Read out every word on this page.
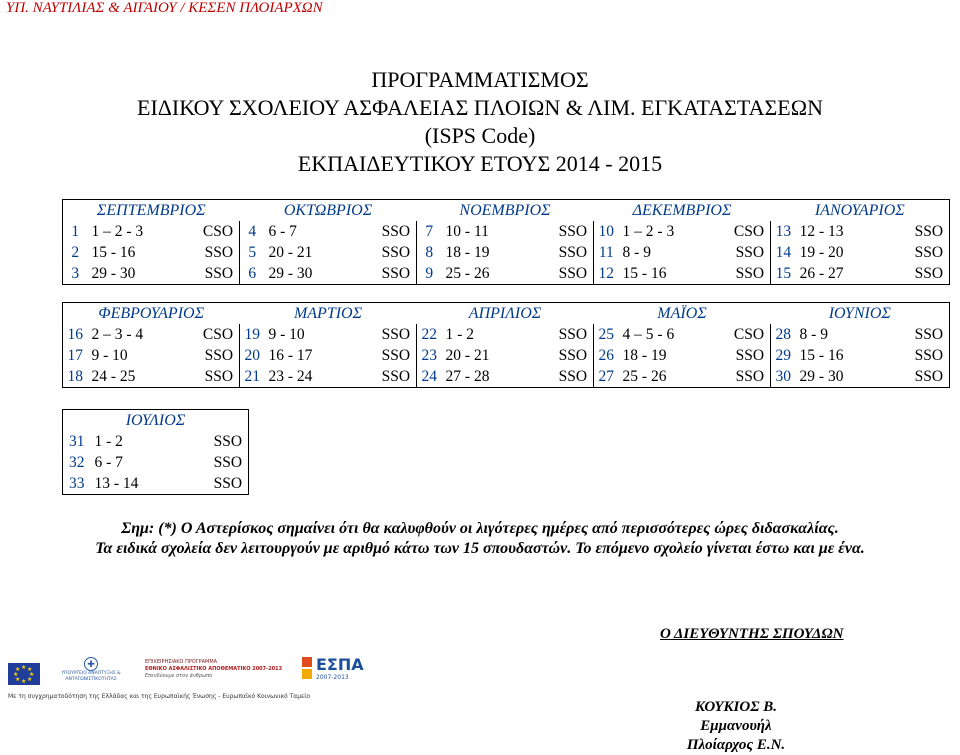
ΥΠ. ΝΑΥΤΙΛΙΑΣ & ΑΙΓΑΙΟΥ / ΚΕΣΕΝ ΠΛΟΙΑΡΧΩΝ
ΠΡΟΓΡΑΜΜΑΤΙΣΜΟΣ
ΕΙΔΙΚΟΥ ΣΧΟΛΕΙΟΥ ΑΣΦΑΛΕΙΑΣ ΠΛΟΙΩΝ & ΛΙΜ. ΕΓΚΑΤΑΣΤΑΣΕΩΝ
(ISPS Code)
ΕΚΠΑΙΔΕΥΤΙΚΟΥ ΕΤΟΥΣ 2014 - 2015
ΣΕΠΤΕΜΒΡΙΟΣ			ΟΚΤΩΒΡΙΟΣ			ΝΟΕΜΒΡΙΟΣ			ΔΕΚΕΜΒΡΙΟΣ			ΙΑΝΟΥΑΡΙΟΣ		
1	1 – 2 - 3	CSO	4	6 - 7	SSO	7	10 - 11	SSO	10	1 – 2 - 3	CSO	13	12 - 13	SSO
2	15 - 16	SSO	5	20 - 21	SSO	8	18 - 19	SSO	11	8 - 9	SSO	14	19 - 20	SSO
3	29 - 30	SSO	6	29 - 30	SSO	9	25 - 26	SSO	12	15 - 16	SSO	15	26 - 27	SSO
ΦΕΒΡΟΥΑΡΙΟΣ			ΜΑΡΤΙΟΣ			ΑΠΡΙΛΙΟΣ			ΜΑΪΟΣ			ΙΟΥΝΙΟΣ		
16	2 – 3 - 4	CSO	19	9 - 10	SSO	22	1 - 2	SSO	25	4 – 5 - 6	CSO	28	8 - 9	SSO
17	9 - 10	SSO	20	16 - 17	SSO	23	20 - 21	SSO	26	18 - 19	SSO	29	15 - 16	SSO
18	24 - 25	SSO	21	23 - 24	SSO	24	27 - 28	SSO	27	25 - 26	SSO	30	29 - 30	SSO
ΙΟΥΛΙΟΣ		
31	1 - 2	SSO
32	6 - 7	SSO
33	13 - 14	SSO
Σημ: (*) Ο Αστερίσκος σημαίνει ότι θα καλυφθούν οι λιγότερες ημέρες από περισσότερες ώρες διδασκαλίας.
Τα ειδικά σχολεία δεν λειτουργούν με αριθμό κάτω των 15 σπουδαστών. Το επόμενο σχολείο γίνεται έστω και με ένα.
Ο ΔΙΕΥΘΥΝΤΗΣ ΣΠΟΥΔΩΝ
ΚΟΥΚΙΟΣ Β. Εμμανουήλ
Πλοίαρχος Ε.Ν.
★ ★
★
★
★
★
★
★
✚
ΥΠΟΥΡΓΕΙΟ ΑΝΑΠΤΥΞΗΣ & ΑΝΤΑΓΩΝΙΣΤΙΚΟΤΗΤΑΣ
ΕΠΙΧΕΙΡΗΣΙΑΚΟ ΠΡΟΓΡΑΜΜΑ
ΕΘΝΙΚΟ ΑΣΦΑΛΙΣΤΙΚΟ ΑΠΟΘΕΜΑΤΙΚΟ 2007-2013
Επενδύουμε στον άνθρωπο
ΕΣΠΑ
2007-2013
Με τη συγχρηματοδότηση της Ελλάδας και της Ευρωπαϊκής Ένωσης - Ευρωπαϊκό Κοινωνικό Ταμείο
